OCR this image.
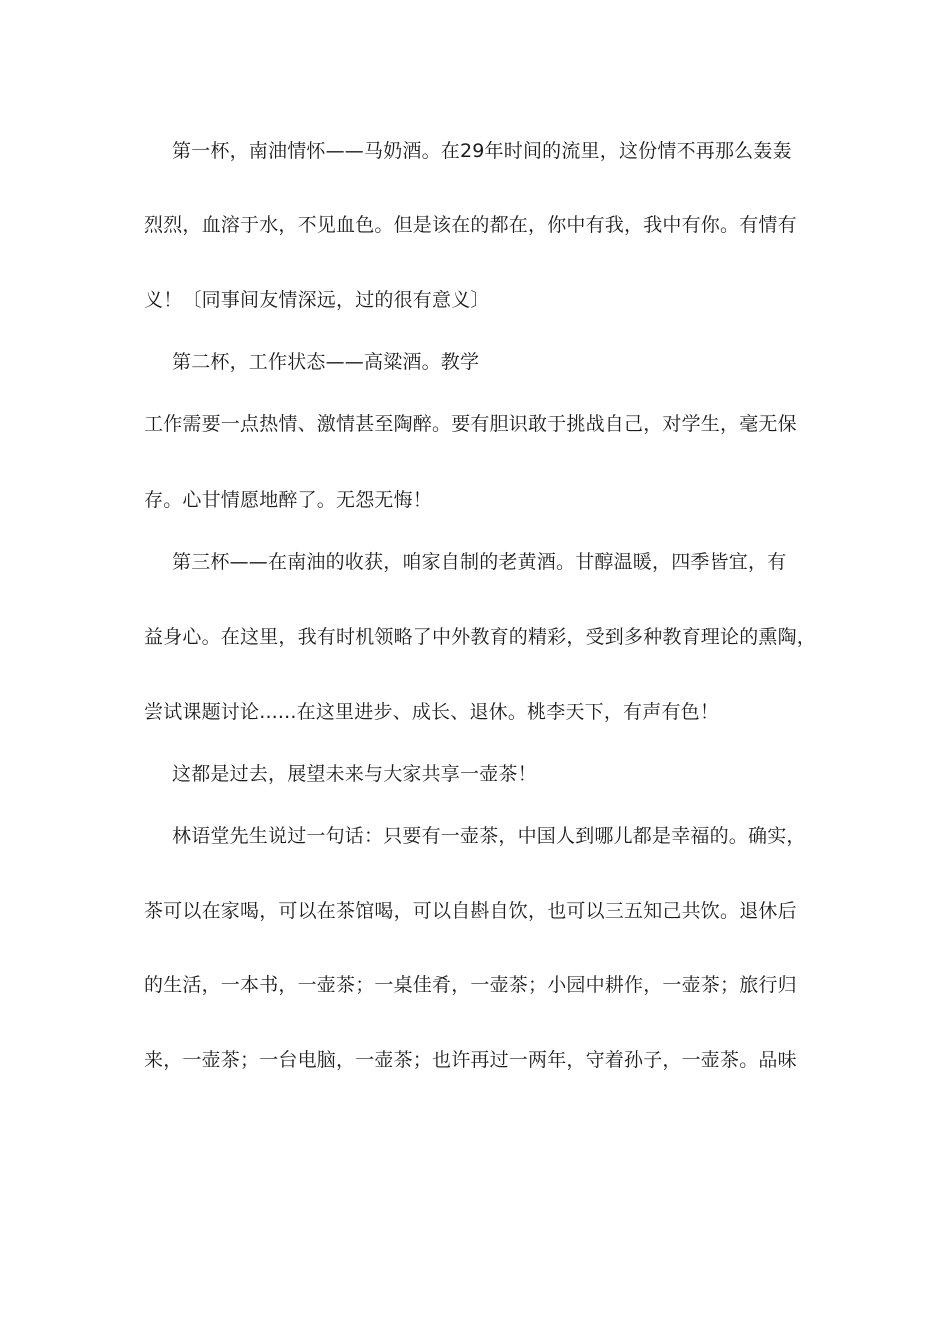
第一杯，南油情怀——马奶酒。在29年时间的流里，这份情不再那么轰轰
烈烈，血溶于水，不见血色。但是该在的都在，你中有我，我中有你。有情有
义！〔同事间友情深远，过的很有意义〕
第二杯，工作状态——高粱酒。教学
工作需要一点热情、激情甚至陶醉。要有胆识敢于挑战自己，对学生，毫无保
存。心甘情愿地醉了。无怨无悔！
第三杯——在南油的收获，咱家自制的老黄酒。甘醇温暖，四季皆宜，有
益身心。在这里，我有时机领略了中外教育的精彩，受到多种教育理论的熏陶，
尝试课题讨论......在这里进步、成长、退休。桃李天下，有声有色！
这都是过去，展望未来与大家共享一壶茶！
林语堂先生说过一句话：只要有一壶茶，中国人到哪儿都是幸福的。确实，
茶可以在家喝，可以在茶馆喝，可以自斟自饮，也可以三五知己共饮。退休后
的生活，一本书，一壶茶；一桌佳肴，一壶茶；小园中耕作，一壶茶；旅行归
来，一壶茶；一台电脑，一壶茶；也许再过一两年，守着孙子，一壶茶。品味
